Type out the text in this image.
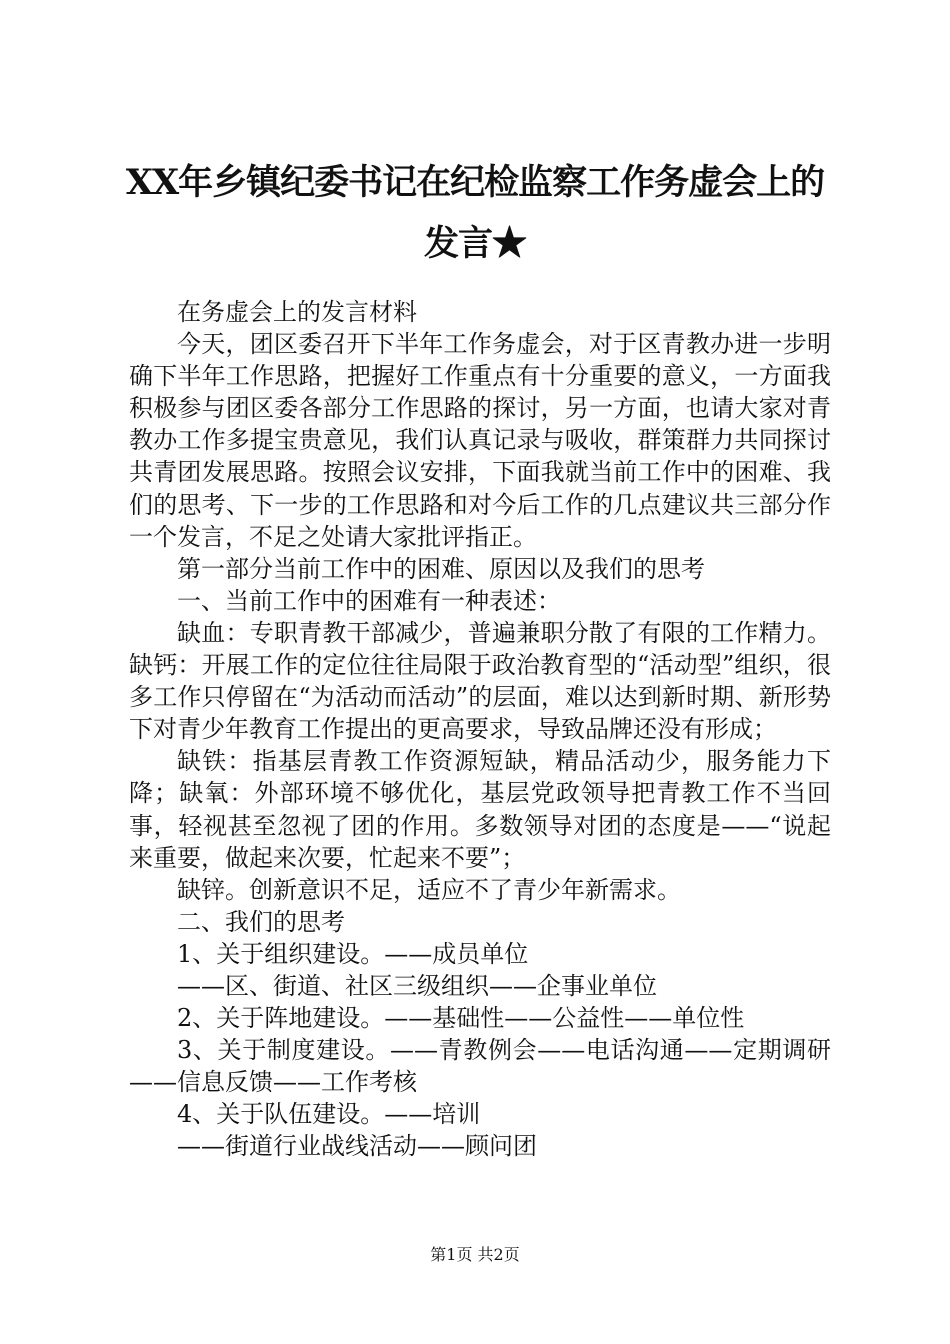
XX年乡镇纪委书记在纪检监察工作务虚会上的发言★

在务虚会上的发言材料

今天，团区委召开下半年工作务虚会，对于区青教办进一步明确下半年工作思路，把握好工作重点有十分重要的意义，一方面我积极参与团区委各部分工作思路的探讨，另一方面，也请大家对青教办工作多提宝贵意见，我们认真记录与吸收，群策群力共同探讨共青团发展思路。按照会议安排，下面我就当前工作中的困难、我们的思考、下一步的工作思路和对今后工作的几点建议共三部分作一个发言，不足之处请大家批评指正。

第一部分当前工作中的困难、原因以及我们的思考

一、当前工作中的困难有一种表述：

缺血：专职青教干部减少，普遍兼职分散了有限的工作精力。缺钙：开展工作的定位往往局限于政治教育型的“活动型”组织，很多工作只停留在“为活动而活动”的层面，难以达到新时期、新形势下对青少年教育工作提出的更高要求，导致品牌还没有形成；

缺铁：指基层青教工作资源短缺，精品活动少，服务能力下降；缺氧：外部环境不够优化，基层党政领导把青教工作不当回事，轻视甚至忽视了团的作用。多数领导对团的态度是——“说起来重要，做起来次要，忙起来不要”；

缺锌。创新意识不足，适应不了青少年新需求。

二、我们的思考

1、关于组织建设。——成员单位

——区、街道、社区三级组织——企事业单位

2、关于阵地建设。——基础性——公益性——单位性

3、关于制度建设。——青教例会——电话沟通——定期调研——信息反馈——工作考核

4、关于队伍建设。——培训

——街道行业战线活动——顾问团

第1页 共2页
